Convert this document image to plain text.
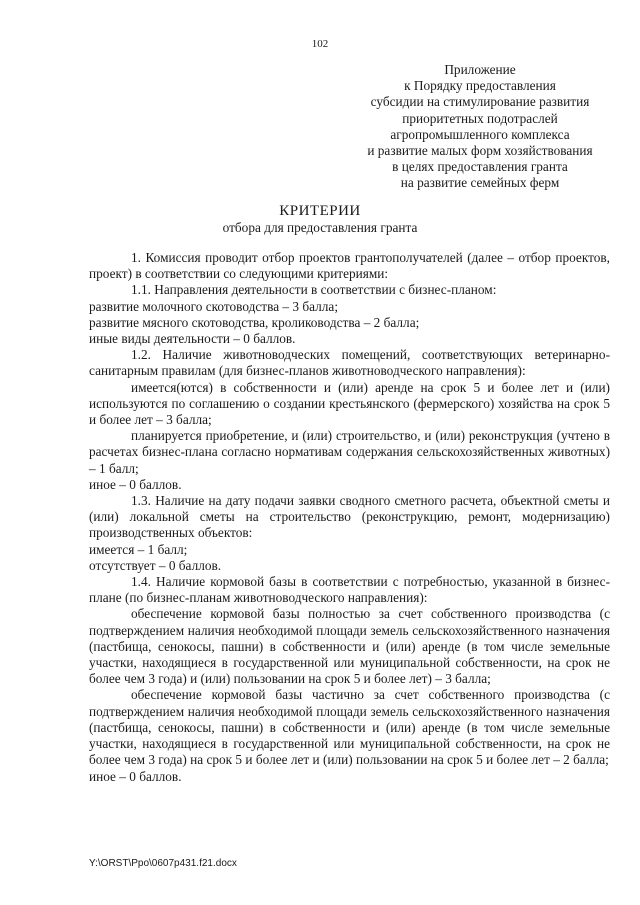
102
Приложение
к Порядку предоставления
субсидии на стимулирование развития
приоритетных подотраслей
агропромышленного комплекса
и развитие малых форм хозяйствования
в целях предоставления гранта
на развитие семейных ферм
КРИТЕРИИ
отбора для предоставления гранта

1. Комиссия проводит отбор проектов грантополучателей (далее – отбор проектов, проект) в соответствии со следующими критериями:

1.1. Направления деятельности в соответствии с бизнес-планом:

развитие молочного скотоводства – 3 балла;

развитие мясного скотоводства, кролиководства – 2 балла;

иные виды деятельности – 0 баллов.

1.2. Наличие животноводческих помещений, соответствующих ветеринарно-санитарным правилам (для бизнес-планов животноводческого направления):

имеется(ются) в собственности и (или) аренде на срок 5 и более лет и (или) используются по соглашению о создании крестьянского (фермерского) хозяйства на срок 5 и более лет – 3 балла;

планируется приобретение, и (или) строительство, и (или) реконструкция (учтено в расчетах бизнес-плана согласно нормативам содержания сельскохозяйственных животных) – 1 балл;

иное – 0 баллов.

1.3. Наличие на дату подачи заявки сводного сметного расчета, объектной сметы и (или) локальной сметы на строительство (реконструкцию, ремонт, модернизацию) производственных объектов:

имеется – 1 балл;

отсутствует – 0 баллов.

1.4. Наличие кормовой базы в соответствии с потребностью, указанной в бизнес-плане (по бизнес-планам животноводческого направления):

обеспечение кормовой базы полностью за счет собственного производства (с подтверждением наличия необходимой площади земель сельскохозяйственного назначения (пастбища, сенокосы, пашни) в собственности и (или) аренде (в том числе земельные участки, находящиеся в государственной или муниципальной собственности, на срок не более чем 3 года) и (или) пользовании на срок 5 и более лет) – 3 балла;

обеспечение кормовой базы частично за счет собственного производства (с подтверждением наличия необходимой площади земель сельскохозяйственного назначения (пастбища, сенокосы, пашни) в собственности и (или) аренде (в том числе земельные участки, находящиеся в государственной или муниципальной собственности, на срок не более чем 3 года) на срок 5 и более лет и (или) пользовании на срок 5 и более лет – 2 балла;

иное – 0 баллов.

Y:\ORST\Ppo\0607p431.f21.docx
